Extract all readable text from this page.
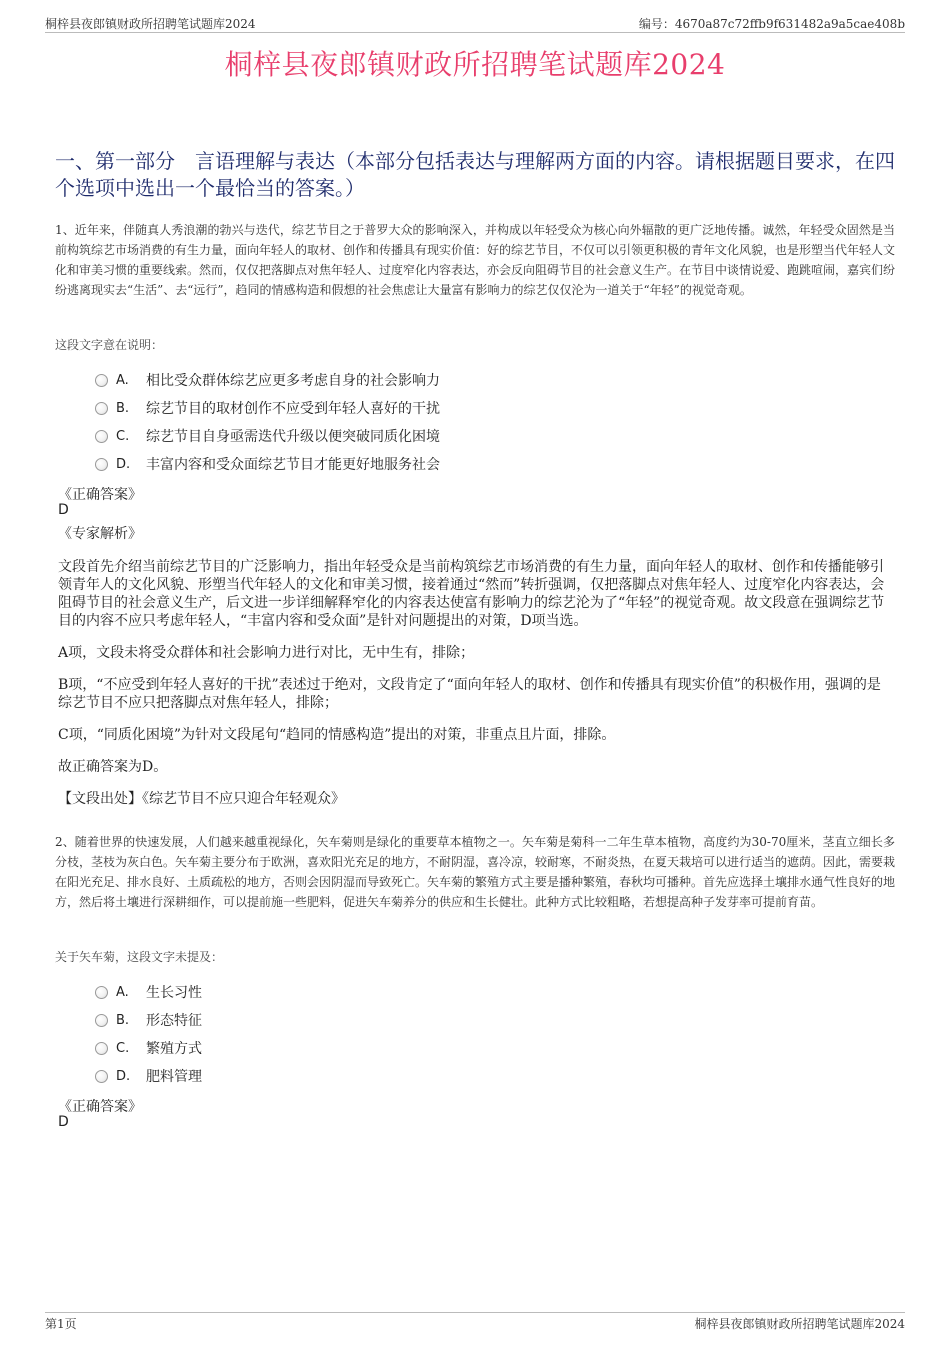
桐梓县夜郎镇财政所招聘笔试题库2024	编号：4670a87c72ffb9f631482a9a5cae408b
桐梓县夜郎镇财政所招聘笔试题库2024
一、第一部分　言语理解与表达（本部分包括表达与理解两方面的内容。请根据题目要求，在四个选项中选出一个最恰当的答案。）
1、近年来，伴随真人秀浪潮的勃兴与迭代，综艺节目之于普罗大众的影响深入，并构成以年轻受众为核心向外辐散的更广泛地传播。诚然，年轻受众固然是当前构筑综艺市场消费的有生力量，面向年轻人的取材、创作和传播具有现实价值：好的综艺节目，不仅可以引领更积极的青年文化风貌，也是形塑当代年轻人文化和审美习惯的重要线索。然而，仅仅把落脚点对焦年轻人、过度窄化内容表达，亦会反向阻碍节目的社会意义生产。在节目中谈情说爱、跑跳喧闹，嘉宾们纷纷逃离现实去“生活”、去“远行”，趋同的情感构造和假想的社会焦虑让大量富有影响力的综艺仅仅沦为一道关于“年轻”的视觉奇观。
这段文字意在说明：
A.	相比受众群体综艺应更多考虑自身的社会影响力
B.	综艺节目的取材创作不应受到年轻人喜好的干扰
C.	综艺节目自身亟需迭代升级以便突破同质化困境
D.	丰富内容和受众面综艺节目才能更好地服务社会
《正确答案》
D
《专家解析》

文段首先介绍当前综艺节目的广泛影响力，指出年轻受众是当前构筑综艺市场消费的有生力量，面向年轻人的取材、创作和传播能够引领青年人的文化风貌、形塑当代年轻人的文化和审美习惯，接着通过“然而”转折强调，仅把落脚点对焦年轻人、过度窄化内容表达，会阻碍节目的社会意义生产，后文进一步详细解释窄化的内容表达使富有影响力的综艺沦为了“年轻”的视觉奇观。故文段意在强调综艺节目的内容不应只考虑年轻人，“丰富内容和受众面”是针对问题提出的对策，D项当选。

A项，文段未将受众群体和社会影响力进行对比，无中生有，排除；

B项，“不应受到年轻人喜好的干扰”表述过于绝对，文段肯定了“面向年轻人的取材、创作和传播具有现实价值”的积极作用，强调的是综艺节目不应只把落脚点对焦年轻人，排除；

C项，“同质化困境”为针对文段尾句“趋同的情感构造”提出的对策，非重点且片面，排除。

故正确答案为D。

【文段出处】《综艺节目不应只迎合年轻观众》

2、随着世界的快速发展，人们越来越重视绿化，矢车菊则是绿化的重要草本植物之一。矢车菊是菊科一二年生草本植物，高度约为30-70厘米，茎直立细长多分枝，茎枝为灰白色。矢车菊主要分布于欧洲，喜欢阳光充足的地方，不耐阴湿，喜冷凉，较耐寒，不耐炎热，在夏天栽培可以进行适当的遮荫。因此，需要栽在阳光充足、排水良好、土质疏松的地方，否则会因阴湿而导致死亡。矢车菊的繁殖方式主要是播种繁殖，春秋均可播种。首先应选择土壤排水通气性良好的地方，然后将土壤进行深耕细作，可以提前施一些肥料，促进矢车菊养分的供应和生长健壮。此种方式比较粗略，若想提高种子发芽率可提前育苗。
关于矢车菊，这段文字未提及：
A.	生长习性
B.	形态特征
C.	繁殖方式
D.	肥料管理
《正确答案》
D
第1页	桐梓县夜郎镇财政所招聘笔试题库2024
